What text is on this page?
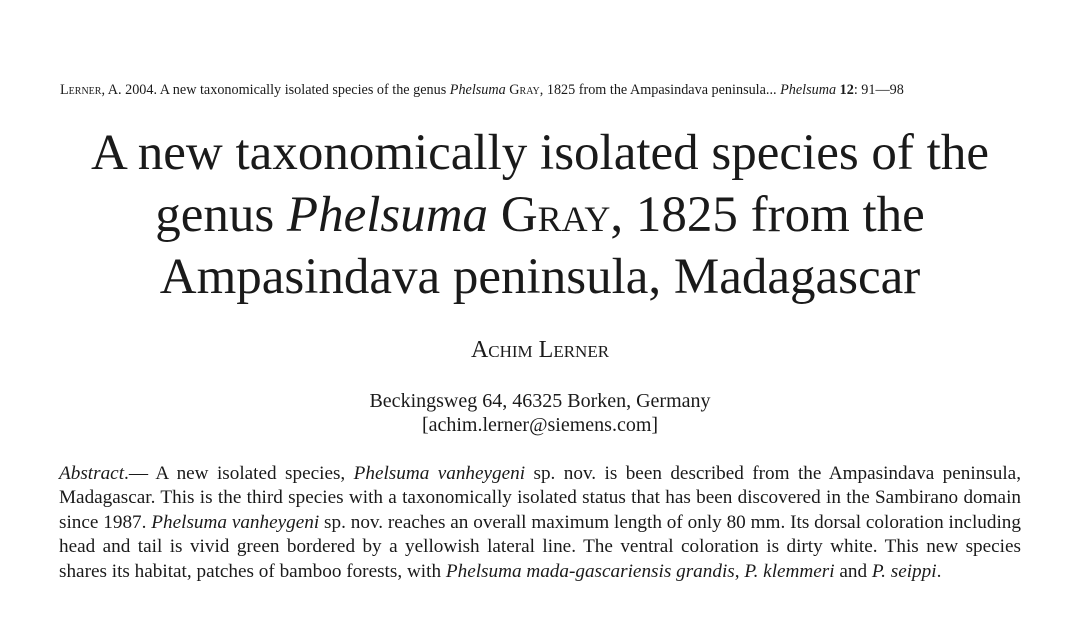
Lerner, A. 2004. A new taxonomically isolated species of the genus Phelsuma Gray, 1825 from the Ampasindava peninsula... Phelsuma 12: 91—98
A new taxonomically isolated species of the
genus Phelsuma Gray, 1825 from the
Ampasindava peninsula, Madagascar
Achim Lerner
Beckingsweg 64, 46325 Borken, Germany
[achim.lerner@siemens.com]

Abstract.— A new isolated species, Phelsuma vanheygeni sp. nov. is been described from the Ampasindava peninsula, Madagascar. This is the third species with a taxonomically isolated status that has been discovered in the Sambirano domain since 1987. Phelsuma vanheygeni sp. nov. reaches an overall maximum length of only 80 mm. Its dorsal coloration including head and tail is vivid green bordered by a yellowish lateral line. The ventral coloration is dirty white. This new species shares its habitat, patches of bamboo forests, with Phelsuma mada-gascariensis grandis, P. klemmeri and P. seippi.
